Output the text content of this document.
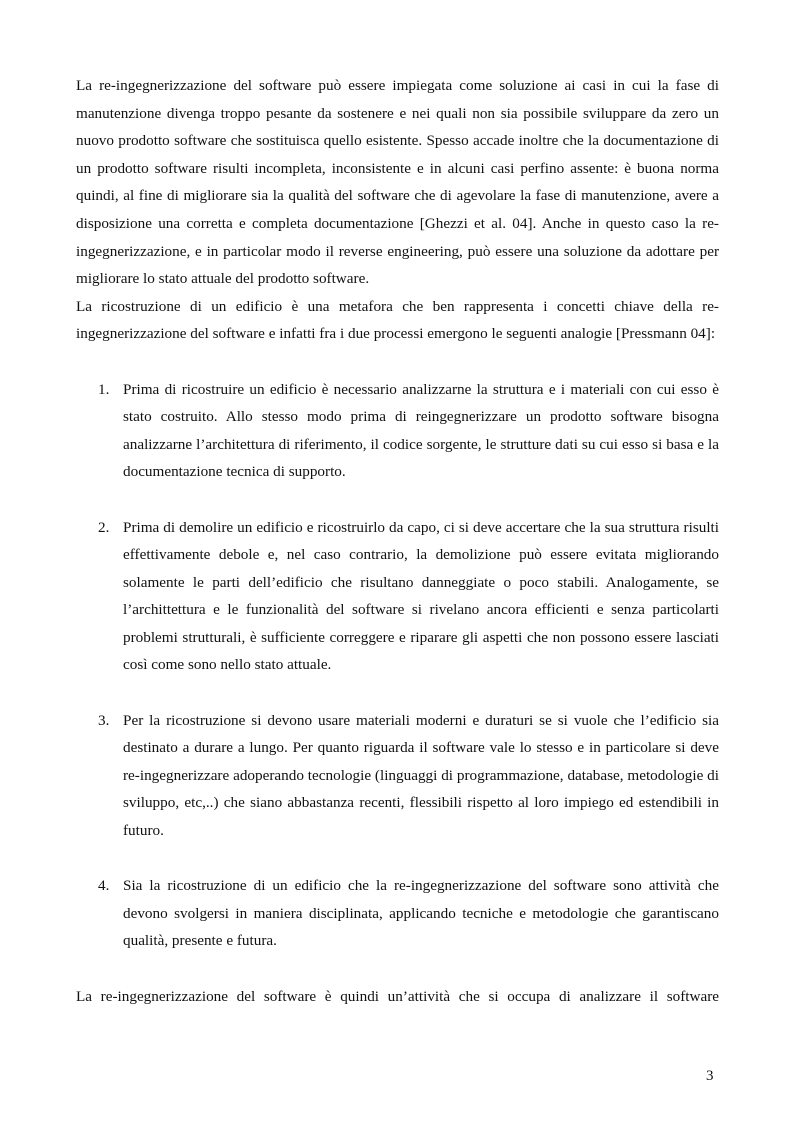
La re-ingegnerizzazione del software può essere impiegata come soluzione ai casi in cui la fase di manutenzione divenga troppo pesante da sostenere e nei quali non sia possibile sviluppare da zero un nuovo prodotto software che sostituisca quello esistente. Spesso accade inoltre che la documentazione di un prodotto software risulti incompleta, inconsistente e in alcuni casi perfino assente: è buona norma quindi, al fine di migliorare sia la qualità del software che di agevolare la fase di manutenzione, avere a disposizione una corretta e completa documentazione [Ghezzi et al. 04]. Anche in questo caso la re-ingegnerizzazione, e in particolar modo il reverse engineering, può essere una soluzione da adottare per migliorare lo stato attuale del prodotto software.

La ricostruzione di un edificio è una metafora che ben rappresenta i concetti chiave della re-ingegnerizzazione del software e infatti fra i due processi emergono le seguenti analogie [Pressmann 04]:

1. Prima di ricostruire un edificio è necessario analizzarne la struttura e i materiali con cui esso è stato costruito. Allo stesso modo prima di reingegnerizzare un prodotto software bisogna analizzarne l’architettura di riferimento, il codice sorgente, le strutture dati su cui esso si basa e la documentazione tecnica di supporto.

2. Prima di demolire un edificio e ricostruirlo da capo, ci si deve accertare che la sua struttura risulti effettivamente debole e, nel caso contrario, la demolizione può essere evitata migliorando solamente le parti dell’edificio che risultano danneggiate o poco stabili. Analogamente, se l’archittettura e le funzionalità del software si rivelano ancora efficienti e senza particolarti problemi strutturali, è sufficiente correggere e riparare gli aspetti che non possono essere lasciati così come sono nello stato attuale.

3. Per la ricostruzione si devono usare materiali moderni e duraturi se si vuole che l’edificio sia destinato a durare a lungo. Per quanto riguarda il software vale lo stesso e in particolare si deve re-ingegnerizzare adoperando tecnologie (linguaggi di programmazione, database, metodologie di sviluppo, etc,..) che siano abbastanza recenti, flessibili rispetto al loro impiego ed estendibili in futuro.

4. Sia la ricostruzione di un edificio che la re-ingegnerizzazione del software sono attività che devono svolgersi in maniera disciplinata, applicando tecniche e metodologie che garantiscano qualità, presente e futura.

La re-ingegnerizzazione del software è quindi un’attività che si occupa di analizzare il software

3
